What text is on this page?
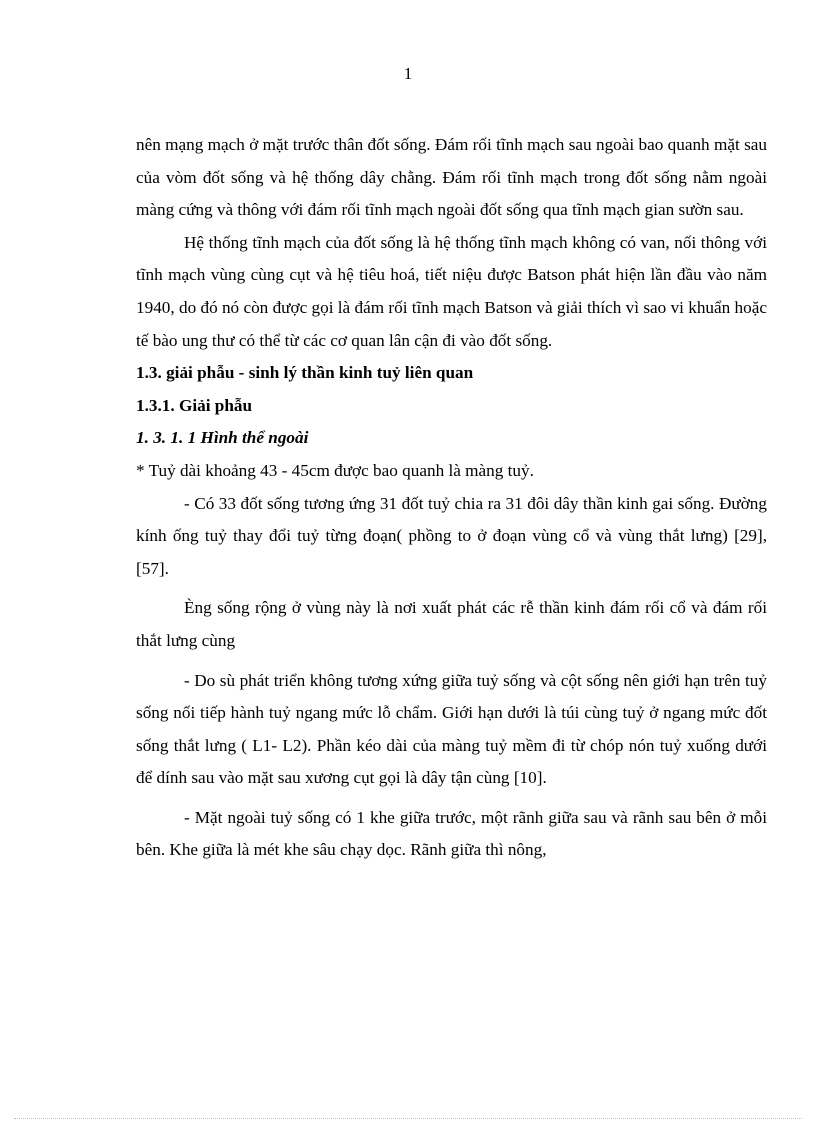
1

nên mạng mạch ở mặt trước thân đốt sống. Đám rối tĩnh mạch sau ngoài bao quanh mặt sau của vòm đốt sống và hệ thống dây chằng. Đám rối tĩnh mạch trong đốt sống nằm ngoài màng cứng và thông với đám rối tĩnh mạch ngoài đốt sống qua tĩnh mạch gian sườn sau.

Hệ thống tĩnh mạch của đốt sống là hệ thống tĩnh mạch không có van, nối thông với tĩnh mạch vùng cùng cụt và hệ tiêu hoá, tiết niệu được Batson phát hiện lần đầu vào năm 1940, do đó nó còn được gọi là đám rối tĩnh mạch Batson và giải thích vì sao vi khuẩn hoặc tế bào ung thư có thể từ các cơ quan lân cận đi vào đốt sống.

1.3. giải phẫu - sinh lý thần kinh tuỷ liên quan

1.3.1. Giải phẫu

1. 3. 1. 1 Hình thể ngoài

* Tuỷ dài khoảng 43 - 45cm được bao quanh là màng tuỷ.

- Có 33 đốt sống tương ứng 31 đốt tuỷ chia ra 31 đôi dây thần kinh gai sống. Đường kính ống tuỷ thay đổi tuỷ từng đoạn( phồng to ở đoạn vùng cổ và vùng thắt lưng) [29], [57].

Èng sống rộng ở vùng này là nơi xuất phát các rễ thần kinh đám rối cổ và đám rối thắt lưng cùng

- Do sù phát triển không tương xứng giữa tuỷ sống và cột sống nên giới hạn trên tuỷ sống nối tiếp hành tuỷ ngang mức lỗ chẩm. Giới hạn dưới là túi cùng tuỷ ở ngang mức đốt sống thắt lưng ( L1- L2). Phần kéo dài của màng tuỷ mềm đi từ chóp nón tuỷ xuống dưới để dính sau vào mặt sau xương cụt gọi là dây tận cùng [10].

- Mặt ngoài tuỷ sống có 1 khe giữa trước, một rãnh giữa sau và rãnh sau bên ở mỗi bên. Khe giữa là mét khe sâu chạy dọc. Rãnh giữa thì nông,
